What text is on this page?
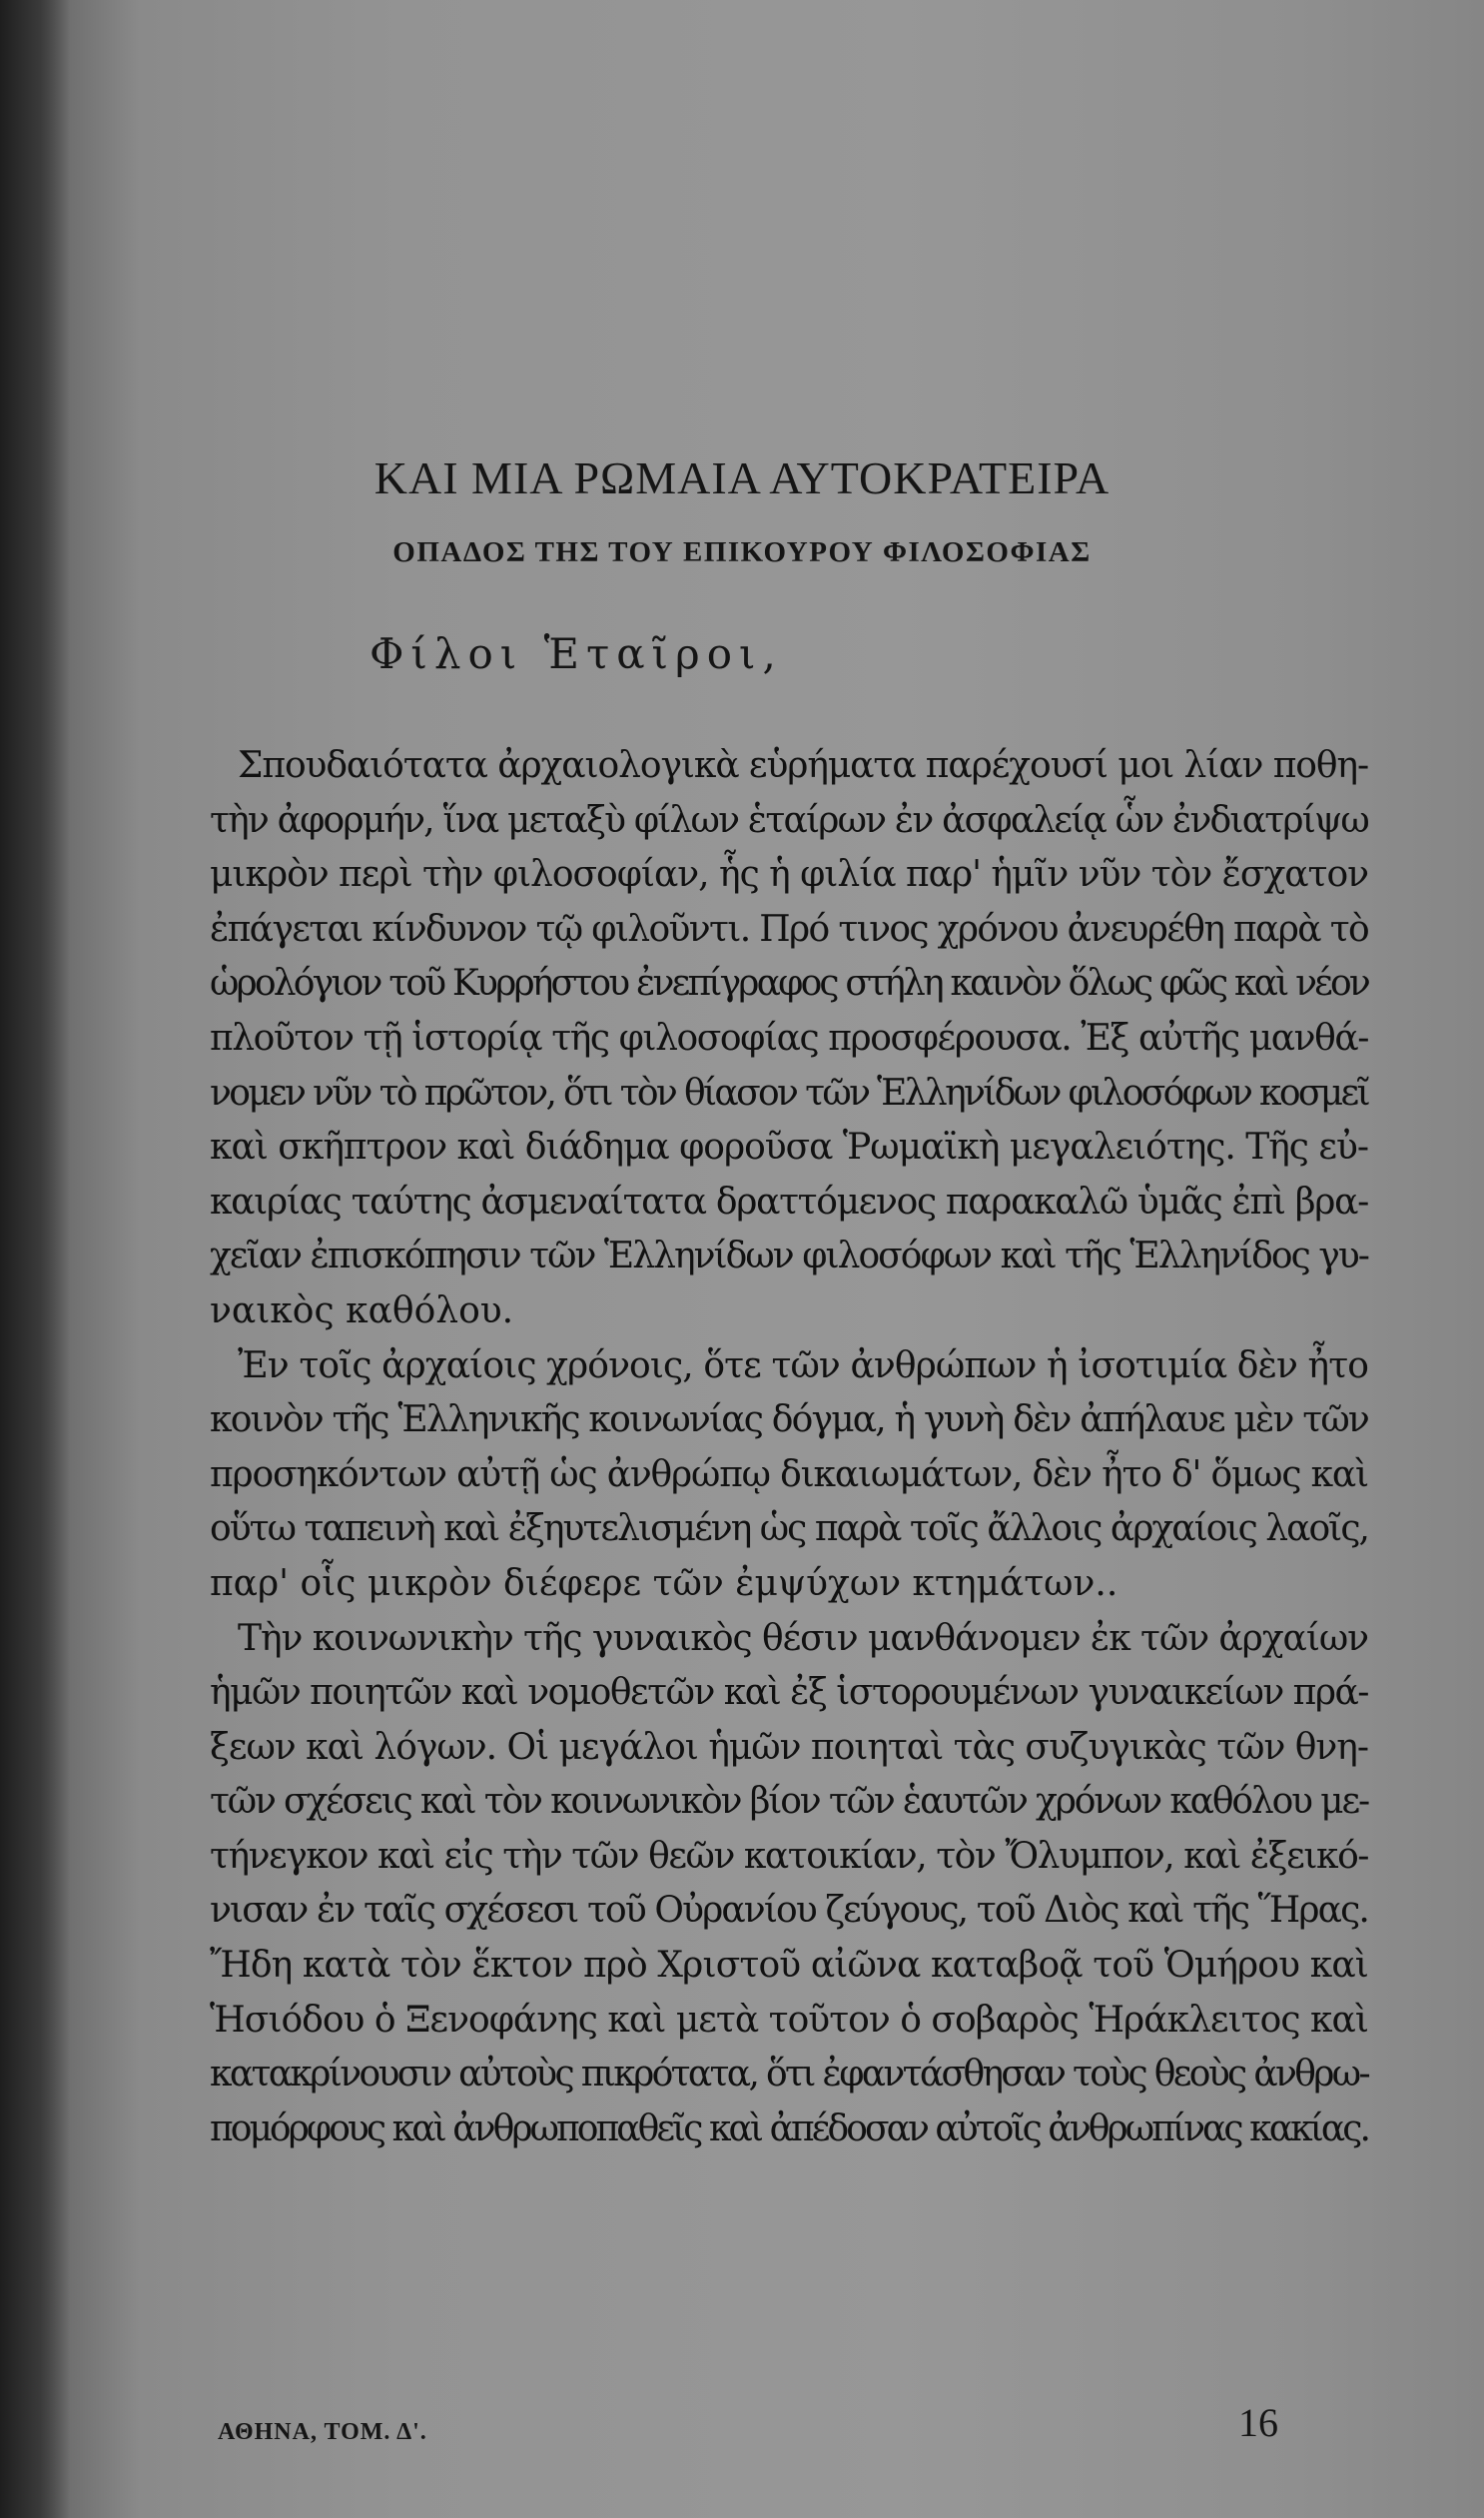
ΚΑΙ ΜΙΑ ΡΩΜΑΙΑ ΑΥΤΟΚΡΑΤΕΙΡΑ
ΟΠΑΔΟΣ ΤΗΣ ΤΟΥ ΕΠΙΚΟΥΡΟΥ ΦΙΛΟΣΟΦΙΑΣ

Φίλοι Ἑταῖροι,

Σπουδαιότατα ἀρχαιολογικὰ εὑρήματα παρέχουσί μοι λίαν ποθη-

τὴν ἀφορμήν, ἵνα μεταξὺ φίλων ἑταίρων ἐν ἀσφαλείᾳ ὧν ἐνδιατρίψω

μικρὸν περὶ τὴν φιλοσοφίαν, ἧς ἡ φιλία παρ' ἡμῖν νῦν τὸν ἔσχατον

ἐπάγεται κίνδυνον τῷ φιλοῦντι. Πρό τινος χρόνου ἀνευρέθη παρὰ τὸ

ὡρολόγιον τοῦ Κυρρήστου ἐνεπίγραφος στήλη καινὸν ὅλως φῶς καὶ νέον

πλοῦτον τῇ ἱστορίᾳ τῆς φιλοσοφίας προσφέρουσα. Ἐξ αὐτῆς μανθά-

νομεν νῦν τὸ πρῶτον, ὅτι τὸν θίασον τῶν Ἑλληνίδων φιλοσόφων κοσμεῖ

καὶ σκῆπτρον καὶ διάδημα φοροῦσα Ῥωμαϊκὴ μεγαλειότης. Τῆς εὐ-

καιρίας ταύτης ἀσμεναίτατα δραττόμενος παρακαλῶ ὑμᾶς ἐπὶ βρα-

χεῖαν ἐπισκόπησιν τῶν Ἑλληνίδων φιλοσόφων καὶ τῆς Ἑλληνίδος γυ-

ναικὸς καθόλου.

Ἐν τοῖς ἀρχαίοις χρόνοις, ὅτε τῶν ἀνθρώπων ἡ ἰσοτιμία δὲν ἦτο

κοινὸν τῆς Ἑλληνικῆς κοινωνίας δόγμα, ἡ γυνὴ δὲν ἀπήλαυε μὲν τῶν

προσηκόντων αὐτῇ ὡς ἀνθρώπῳ δικαιωμάτων, δὲν ἦτο δ' ὅμως καὶ

οὕτω ταπεινὴ καὶ ἐξηυτελισμένη ὡς παρὰ τοῖς ἄλλοις ἀρχαίοις λαοῖς,

παρ' οἷς μικρὸν διέφερε τῶν ἐμψύχων κτημάτων..

Τὴν κοινωνικὴν τῆς γυναικὸς θέσιν μανθάνομεν ἐκ τῶν ἀρχαίων

ἡμῶν ποιητῶν καὶ νομοθετῶν καὶ ἐξ ἱστορουμένων γυναικείων πρά-

ξεων καὶ λόγων. Οἱ μεγάλοι ἡμῶν ποιηταὶ τὰς συζυγικὰς τῶν θνη-

τῶν σχέσεις καὶ τὸν κοινωνικὸν βίον τῶν ἑαυτῶν χρόνων καθόλου με-

τήνεγκον καὶ εἰς τὴν τῶν θεῶν κατοικίαν, τὸν Ὄλυμπον, καὶ ἐξεικό-

νισαν ἐν ταῖς σχέσεσι τοῦ Οὐρανίου ζεύγους, τοῦ Διὸς καὶ τῆς Ἥρας.

Ἤδη κατὰ τὸν ἕκτον πρὸ Χριστοῦ αἰῶνα καταβοᾷ τοῦ Ὁμήρου καὶ

Ἡσιόδου ὁ Ξενοφάνης καὶ μετὰ τοῦτον ὁ σοβαρὸς Ἡράκλειτος καὶ

κατακρίνουσιν αὐτοὺς πικρότατα, ὅτι ἐφαντάσθησαν τοὺς θεοὺς ἀνθρω-

πομόρφους καὶ ἀνθρωποπαθεῖς καὶ ἀπέδοσαν αὐτοῖς ἀνθρωπίνας κακίας.

ΑΘΗΝΑ, ΤΟΜ. Δ'.	16
